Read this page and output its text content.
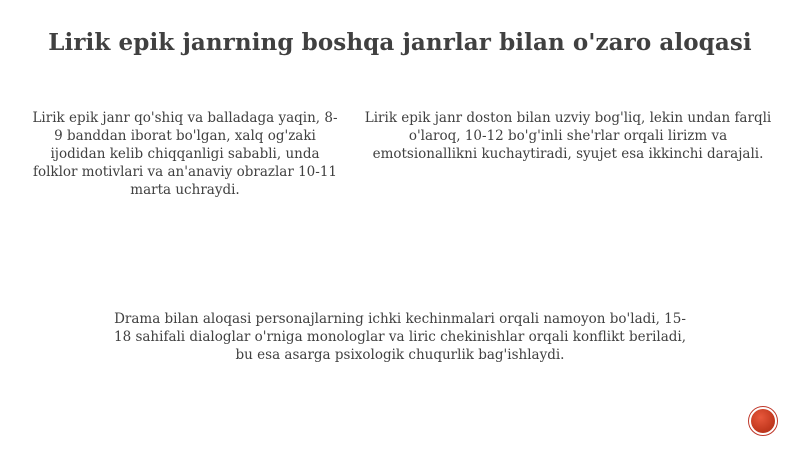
Lirik epik janrning boshqa janrlar bilan o'zaro aloqasi
Lirik epik janr qo'shiq va balladaga yaqin, 8-9 banddan iborat bo'lgan, xalq og'zaki ijodidan kelib chiqqanligi sababli, unda folklor motivlari va an'anaviy obrazlar 10-11 marta uchraydi.
Lirik epik janr doston bilan uzviy bog'liq, lekin undan farqli o'laroq, 10-12 bo'g'inli she'rlar orqali lirizm va emotsionallikni kuchaytiradi, syujet esa ikkinchi darajali.
Drama bilan aloqasi personajlarning ichki kechinmalari orqali namoyon bo'ladi, 15-18 sahifali dialoglar o'rniga monologlar va liric chekinishlar orqali konflikt beriladi, bu esa asarga psixologik chuqurlik bag'ishlaydi.
